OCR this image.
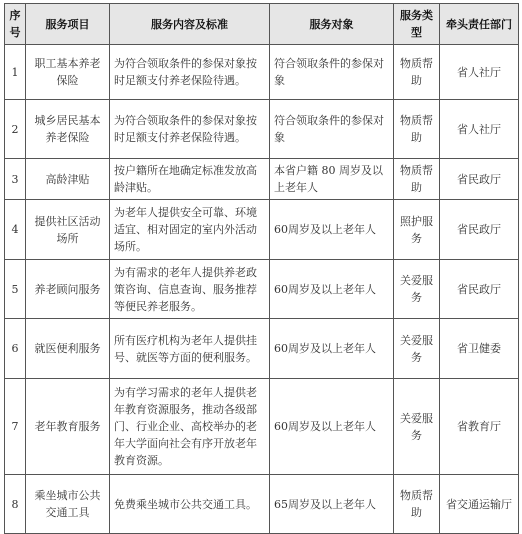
序号	服务项目	服务内容及标准	服务对象	服务类型	牵头责任部门
1	职工基本养老保险	为符合领取条件的参保对象按时足额支付养老保险待遇。	符合领取条件的参保对象	物质帮助	省人社厅
2	城乡居民基本养老保险	为符合领取条件的参保对象按时足额支付养老保险待遇。	符合领取条件的参保对象	物质帮助	省人社厅
3	高龄津贴	按户籍所在地确定标准发放高龄津贴。	本省户籍 80 周岁及以上老年人	物质帮助	省民政厅
4	提供社区活动场所	为老年人提供安全可靠、环境适宜、相对固定的室内外活动场所。	60周岁及以上老年人	照护服务	省民政厅
5	养老顾问服务	为有需求的老年人提供养老政策咨询、信息查询、服务推荐等便民养老服务。	60周岁及以上老年人	关爱服务	省民政厅
6	就医便利服务	所有医疗机构为老年人提供挂号、就医等方面的便利服务。	60周岁及以上老年人	关爱服务	省卫健委
7	老年教育服务	为有学习需求的老年人提供老年教育资源服务，推动各级部门、行业企业、高校举办的老年大学面向社会有序开放老年教育资源。	60周岁及以上老年人	关爱服务	省教育厅
8	乘坐城市公共交通工具	免费乘坐城市公共交通工具。	65周岁及以上老年人	物质帮助	省交通运输厅
